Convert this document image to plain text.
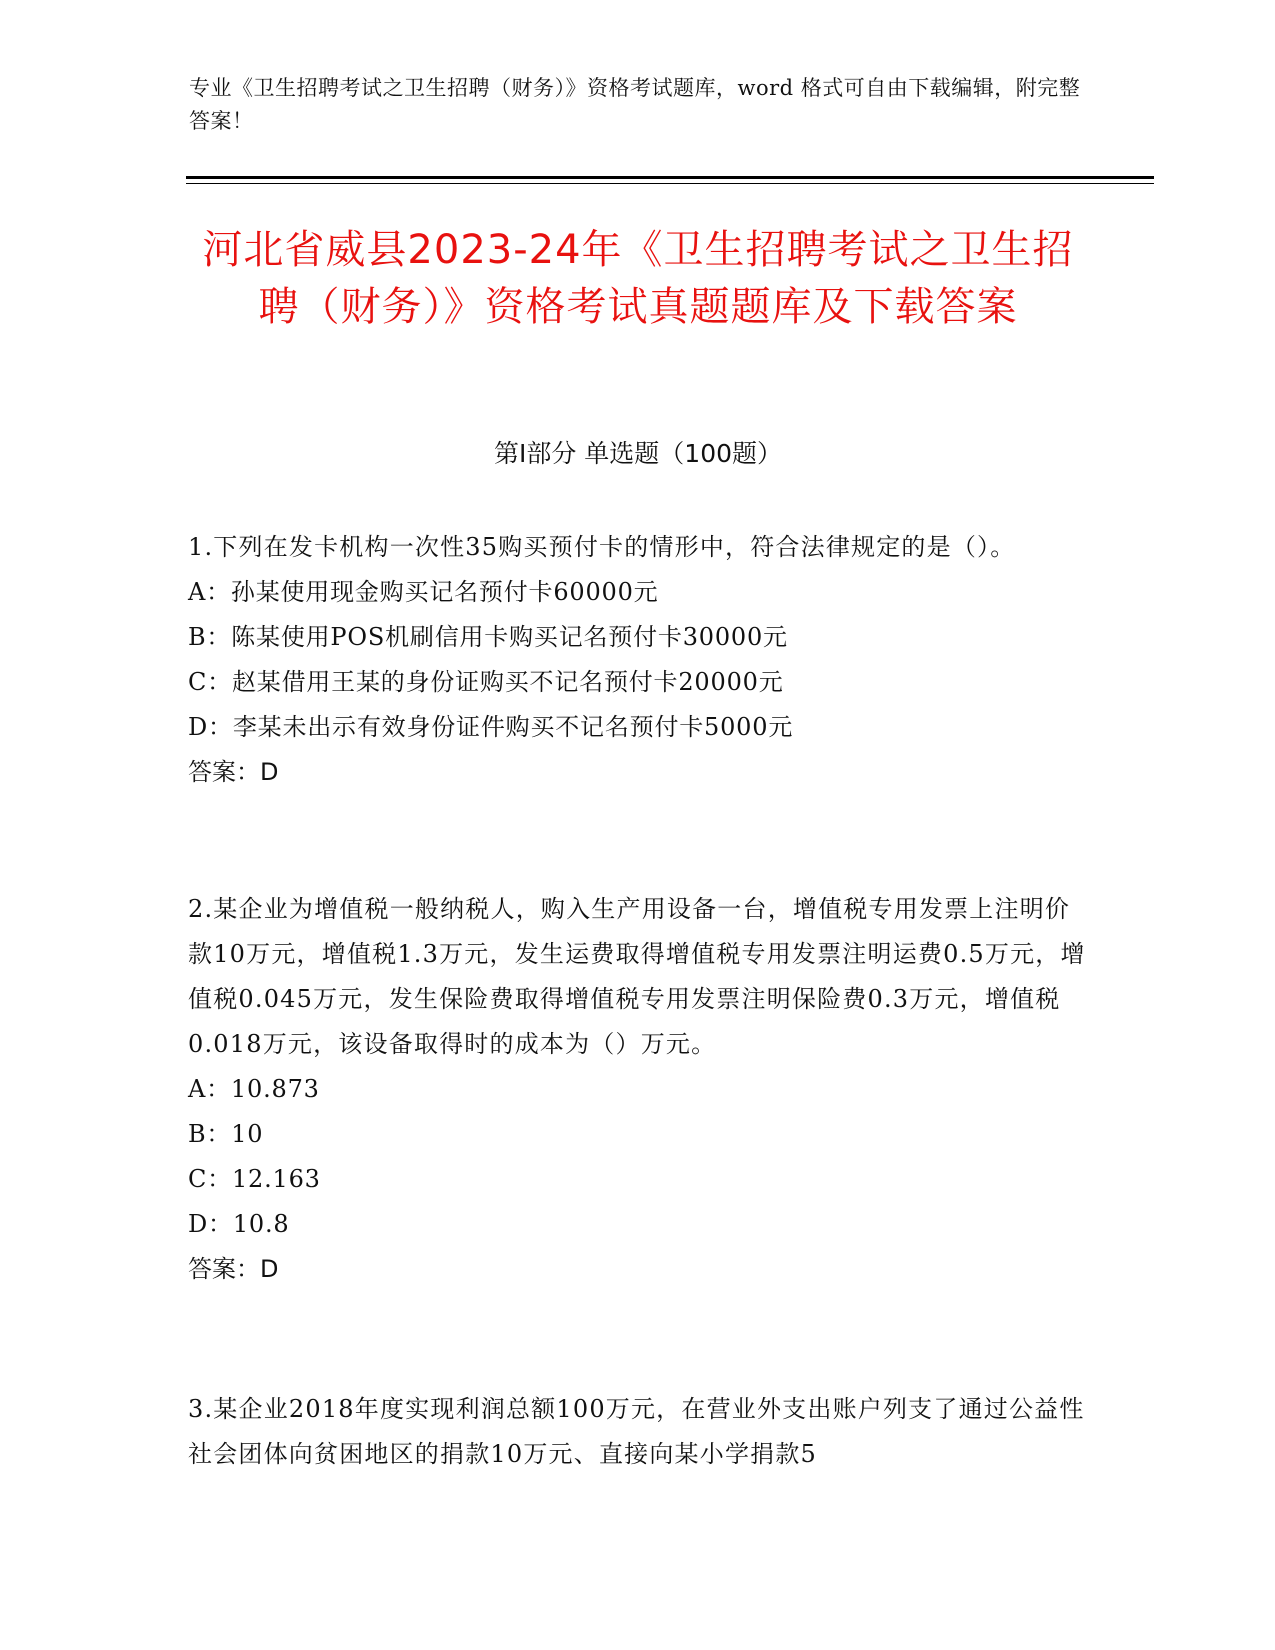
专业《卫生招聘考试之卫生招聘（财务）》资格考试题库，word 格式可自由下载编辑，附完整答案！
河北省威县2023-24年《卫生招聘考试之卫生招聘（财务）》资格考试真题题库及下载答案
第Ⅰ部分 单选题（100题）
1.下列在发卡机构一次性35购买预付卡的情形中，符合法律规定的是（）。
A：孙某使用现金购买记名预付卡60000元
B：陈某使用POS机刷信用卡购买记名预付卡30000元
C：赵某借用王某的身份证购买不记名预付卡20000元
D：李某未出示有效身份证件购买不记名预付卡5000元
答案：D
2.某企业为增值税一般纳税人，购入生产用设备一台，增值税专用发票上注明价款10万元，增值税1.3万元，发生运费取得增值税专用发票注明运费0.5万元，增值税0.045万元，发生保险费取得增值税专用发票注明保险费0.3万元，增值税0.018万元，该设备取得时的成本为（）万元。
A：10.873
B：10
C：12.163
D：10.8
答案：D
3.某企业2018年度实现利润总额100万元，在营业外支出账户列支了通过公益性社会团体向贫困地区的捐款10万元、直接向某小学捐款5
